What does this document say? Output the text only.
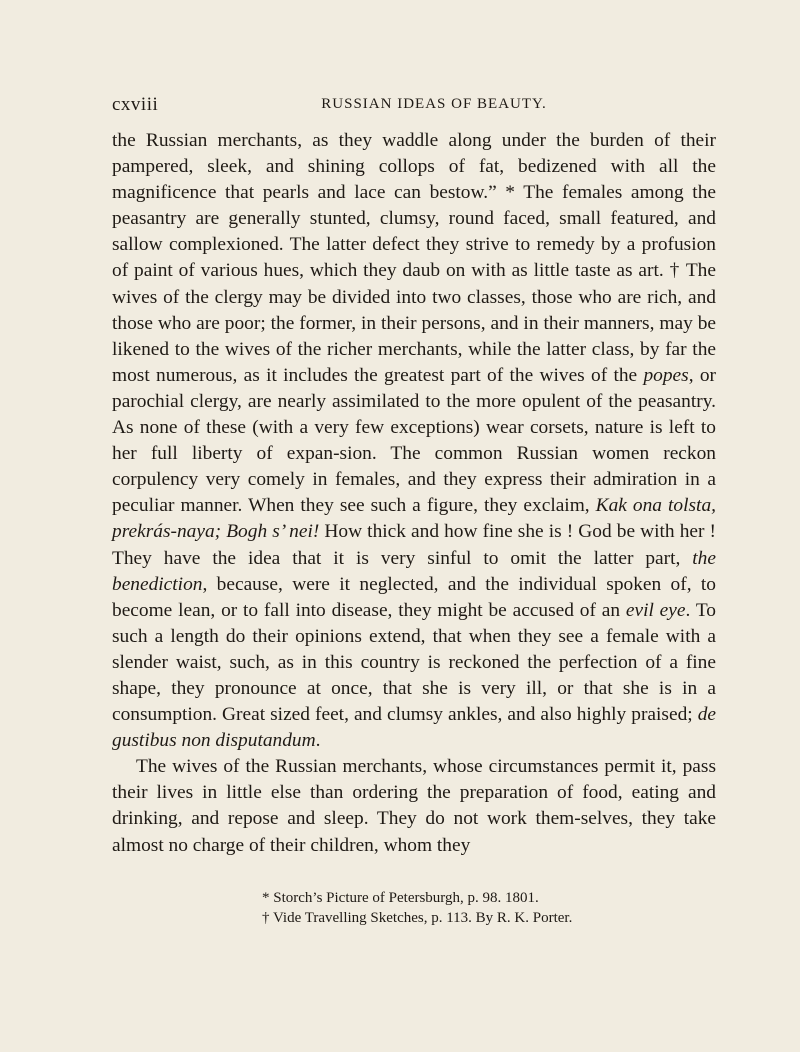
cxviii	RUSSIAN IDEAS OF BEAUTY.

the Russian merchants, as they waddle along under the burden of their pampered, sleek, and shining collops of fat, bedizened with all the magnificence that pearls and lace can bestow.” * The females among the peasantry are generally stunted, clumsy, round faced, small featured, and sallow complexioned. The latter defect they strive to remedy by a profusion of paint of various hues, which they daub on with as little taste as art. † The wives of the clergy may be divided into two classes, those who are rich, and those who are poor; the former, in their persons, and in their manners, may be likened to the wives of the richer merchants, while the latter class, by far the most numerous, as it includes the greatest part of the wives of the popes, or parochial clergy, are nearly assimilated to the more opulent of the peasantry. As none of these (with a very few exceptions) wear corsets, nature is left to her full liberty of expan-sion. The common Russian women reckon corpulency very comely in females, and they express their admiration in a peculiar manner. When they see such a figure, they exclaim, Kak ona tolsta, prekrás-naya; Bogh s’ nei! How thick and how fine she is ! God be with her ! They have the idea that it is very sinful to omit the latter part, the benediction, because, were it neglected, and the individual spoken of, to become lean, or to fall into disease, they might be accused of an evil eye. To such a length do their opinions extend, that when they see a female with a slender waist, such, as in this country is reckoned the perfection of a fine shape, they pronounce at once, that she is very ill, or that she is in a consumption. Great sized feet, and clumsy ankles, and also highly praised; de gustibus non disputandum.

The wives of the Russian merchants, whose circumstances permit it, pass their lives in little else than ordering the preparation of food, eating and drinking, and repose and sleep. They do not work them-selves, they take almost no charge of their children, whom they

* Storch’s Picture of Petersburgh, p. 98. 1801.
† Vide Travelling Sketches, p. 113. By R. K. Porter.
